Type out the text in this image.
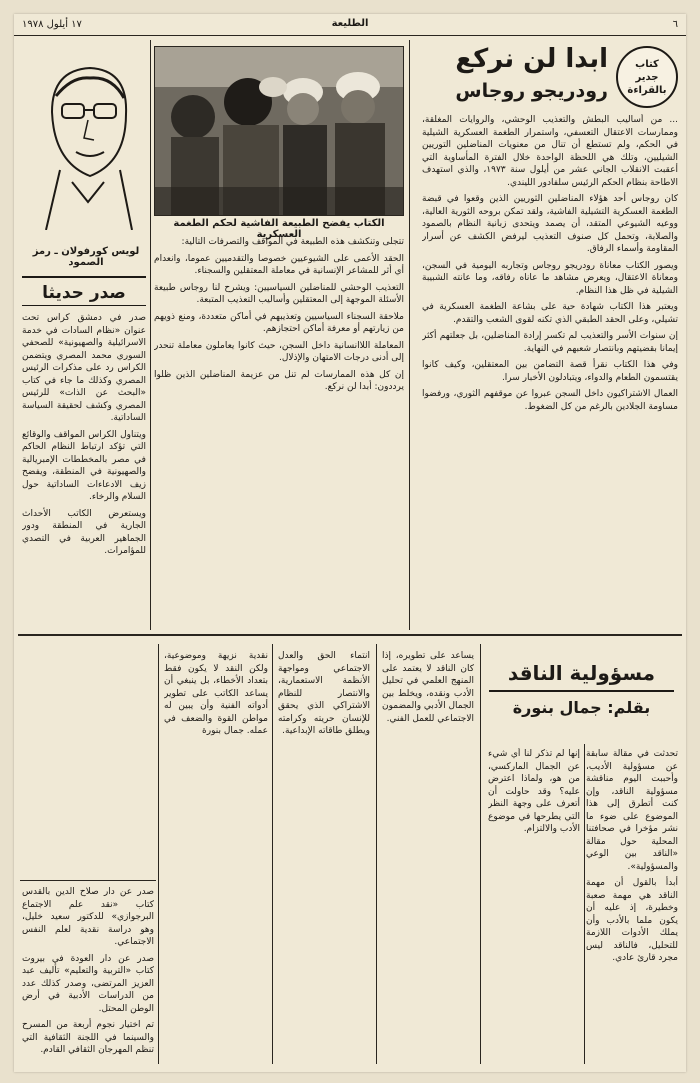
٦
الطليعة
١٧ أيلول ١٩٧٨
كتاب
جدير
بالقراءة
ابدا لن نركع
رودريجو روجاس

... من أساليب البطش والتعذيب الوحشي، والروايات المغلقة، وممارسات الاعتقال التعسفي، واستمرار الطغمة العسكرية الشيلية في الحكم، ولم تستطع أن تنال من معنويات المناضلين التوريين الشيليين، وتلك هي اللحظة الواحدة خلال الفترة المأساوية التي أعقبت الانقلاب الجاني عشر من أيلول سنة ١٩٧٣، والذي استهدف الاطاحة بنظام الحكم الرئيس سلفادور الليندي.

كان روجاس أحد هؤلاء المناضلين الثوريين الذين وقعوا في قبضة الطغمة العسكرية التشيلية الفاشية، ولقد تمكن بروحه الثورية العالية، ووعيه الشيوعي المتقد، أن يصمد ويتحدى زبانية النظام بالصمود والصلابة، وتحمل كل صنوف التعذيب ليرفض الكشف عن أسرار المقاومة وأسماء الرفاق.

ويصور الكتاب معاناة رودريجو روجاس وتجاربه اليومية في السجن، ومعاناة الاعتقال، ويعرض مشاهد ما عاناه رفاقه، وما عانته الشبيبة الشيلية في ظل هذا النظام.

ويعتبر هذا الكتاب شهادة حية على بشاعة الطغمة العسكرية في تشيلي، وعلى الحقد الطبقي الذي تكنه لقوى الشعب والتقدم.

إن سنوات الأسر والتعذيب لم تكسر إرادة المناضلين، بل جعلتهم أكثر إيمانا بقضيتهم وبانتصار شعبهم في النهاية.

وفي هذا الكتاب نقرأ قصة التضامن بين المعتقلين، وكيف كانوا يقتسمون الطعام والدواء، ويتبادلون الأخبار سرا.

العمال الاشتراكيون داخل السجن عبروا عن موقفهم الثوري، ورفضوا مساومة الجلادين بالرغم من كل الضغوط.

الكتاب يفضح الطبيعة الفاشية لحكم الطغمة العسكرية

تتجلى وتنكشف هذه الطبيعة في المواقف والتصرفات التالية:

الحقد الأعمى على الشيوعيين خصوصا والتقدميين عموما، وانعدام أي أثر للمشاعر الإنسانية في معاملة المعتقلين والسجناء.

التعذيب الوحشي للمناضلين السياسيين: ويشرح لنا روجاس طبيعة الأسئلة الموجهة إلى المعتقلين وأساليب التعذيب المتبعة.

ملاحقة السجناء السياسيين وتعذيبهم في أماكن متعددة، ومنع ذويهم من زيارتهم أو معرفة أماكن احتجازهم.

المعاملة اللاانسانية داخل السجن، حيث كانوا يعاملون معاملة تنحدر إلى أدنى درجات الامتهان والإذلال.

إن كل هذه الممارسات لم تنل من عزيمة المناضلين الذين ظلوا يرددون: أبدا لن نركع.

لويس كورفولان ـ رمز الصمود
صدر حديثا

صدر في دمشق كراس تحت عنوان «نظام السادات في خدمة الاسرائيلية والصهيونية» للصحفي السوري محمد المصري ويتضمن الكراس رد على مذكرات الرئيس المصري وكذلك ما جاء في كتاب «البحث عن الذات» للرئيس المصري وكشف لحقيقة السياسة الساداتية.

ويتناول الكراس المواقف والوقائع التي تؤكد ارتباط النظام الحاكم في مصر بالمخططات الإمبريالية والصهيونية في المنطقة، ويفضح زيف الادعاءات الساداتية حول السلام والرخاء.

ويستعرض الكاتب الأحداث الجارية في المنطقة ودور الجماهير العربية في التصدي للمؤامرات.

مسؤولية الناقد
بقلم: جمال بنورة

تحدثت في مقالة سابقة عن مسؤولية الأديب، وأحببت اليوم مناقشة مسؤولية الناقد، وإن كنت أتطرق إلى هذا الموضوع على ضوء ما نشر مؤخرا في صحافتنا المحلية حول مقالة «الناقد بين الوعي والمسؤولية».

أبدأ بالقول أن مهمة الناقد هي مهمة صعبة وخطيرة، إذ عليه أن يكون ملما بالأدب وأن يملك الأدوات اللازمة للتحليل، فالناقد ليس مجرد قارئ عادي.

إنها لم تذكر لنا أي شيء عن الجمال الماركسي، من هو، ولماذا اعترض عليه؟ وقد حاولت أن أتعرف على وجهة النظر التي يطرحها في موضوع الأدب والالتزام.

يساعد على تطويره، إذا كان الناقد لا يعتمد على المنهج العلمي في تحليل الأدب ونقده، ويخلط بين الجمال الأدبي والمضمون الاجتماعي للعمل الفني.

انتماء الحق والعدل الاجتماعي ومواجهة الأنظمة الاستعمارية، والانتصار للنظام الاشتراكي الذي يحقق للإنسان حريته وكرامته ويطلق طاقاته الإبداعية.

نقدية نزيهة وموضوعية، ولكن النقد لا يكون فقط بتعداد الأخطاء، بل ينبغي أن يساعد الكاتب على تطوير أدواته الفنية وأن يبين له مواطن القوة والضعف في عمله. جمال بنورة

صدر عن دار صلاح الدين بالقدس كتاب «نقد علم الاجتماع البرجوازي» للدكتور سعيد خليل، وهو دراسة نقدية لعلم النفس الاجتماعي.

صدر عن دار العودة في بيروت كتاب «التربية والتعليم» تأليف عبد العزيز المرتضى، وصدر كذلك عدد من الدراسات الأدبية في أرض الوطن المحتل.

تم اختيار نجوم أربعة من المسرح والسينما في اللجنة الثقافية التي تنظم المهرجان الثقافي القادم.
